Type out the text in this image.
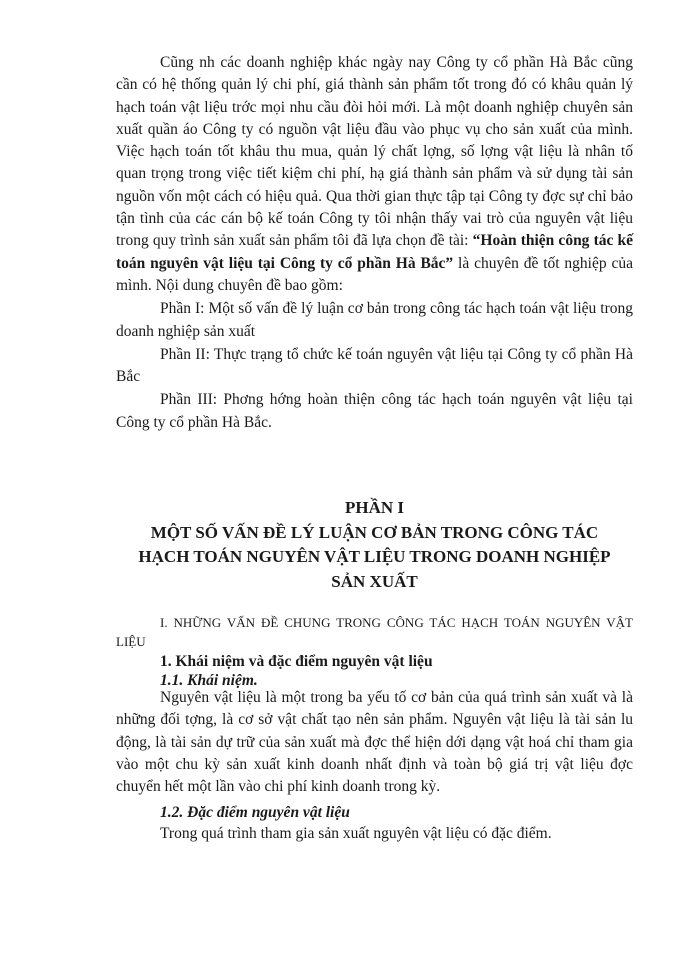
Cũng nh các doanh nghiệp khác ngày nay Công ty cổ phần Hà Bắc cũng cần có hệ thống quản lý chi phí, giá thành sản phẩm tốt trong đó có khâu quản lý hạch toán vật liệu trớc mọi nhu cầu đòi hỏi mới. Là một doanh nghiệp chuyên sản xuất quần áo Công ty có nguồn vật liệu đầu vào phục vụ cho sản xuất của mình. Việc hạch toán tốt khâu thu mua, quản lý chất lợng, số lợng vật liệu là nhân tố quan trọng trong việc tiết kiệm chi phí, hạ giá thành sản phẩm và sử dụng tài sản nguồn vốn một cách có hiệu quả. Qua thời gian thực tập tại Công ty đợc sự chỉ bảo tận tình của các cán bộ kế toán Công ty tôi nhận thấy vai trò của nguyên vật liệu trong quy trình sản xuất sản phẩm tôi đã lựa chọn đề tài: “Hoàn thiện công tác kế toán nguyên vật liệu tại Công ty cổ phần Hà Bắc” là chuyên đề tốt nghiệp của mình. Nội dung chuyên đề bao gồm:

Phần I: Một số vấn đề lý luận cơ bản trong công tác hạch toán vật liệu trong doanh nghiệp sản xuất

Phần II: Thực trạng tổ chức kế toán nguyên vật liệu tại Công ty cổ phần Hà Bắc

Phần III: Phơng hớng hoàn thiện công tác hạch toán nguyên vật liệu tại Công ty cổ phần Hà Bắc.

PHẦN I
MỘT SỐ VẤN ĐỀ LÝ LUẬN CƠ BẢN TRONG CÔNG TÁC
HẠCH TOÁN NGUYÊN VẬT LIỆU TRONG DOANH NGHIỆP
SẢN XUẤT
I. NHỮNG VẤN ĐỀ CHUNG TRONG CÔNG TÁC HẠCH TOÁN NGUYÊN VẬT LIỆU
1. Khái niệm và đặc điểm nguyên vật liệu
1.1. Khái niệm.

Nguyên vật liệu là một trong ba yếu tố cơ bản của quá trình sản xuất và là những đối tợng, là cơ sở vật chất tạo nên sản phẩm. Nguyên vật liệu là tài sản lu động, là tài sản dự trữ của sản xuất mà đợc thể hiện dới dạng vật hoá chỉ tham gia vào một chu kỳ sản xuất kinh doanh nhất định và toàn bộ giá trị vật liệu đợc chuyển hết một lần vào chi phí kinh doanh trong kỳ.

1.2. Đặc điểm nguyên vật liệu

Trong quá trình tham gia sản xuất nguyên vật liệu có đặc điểm.
